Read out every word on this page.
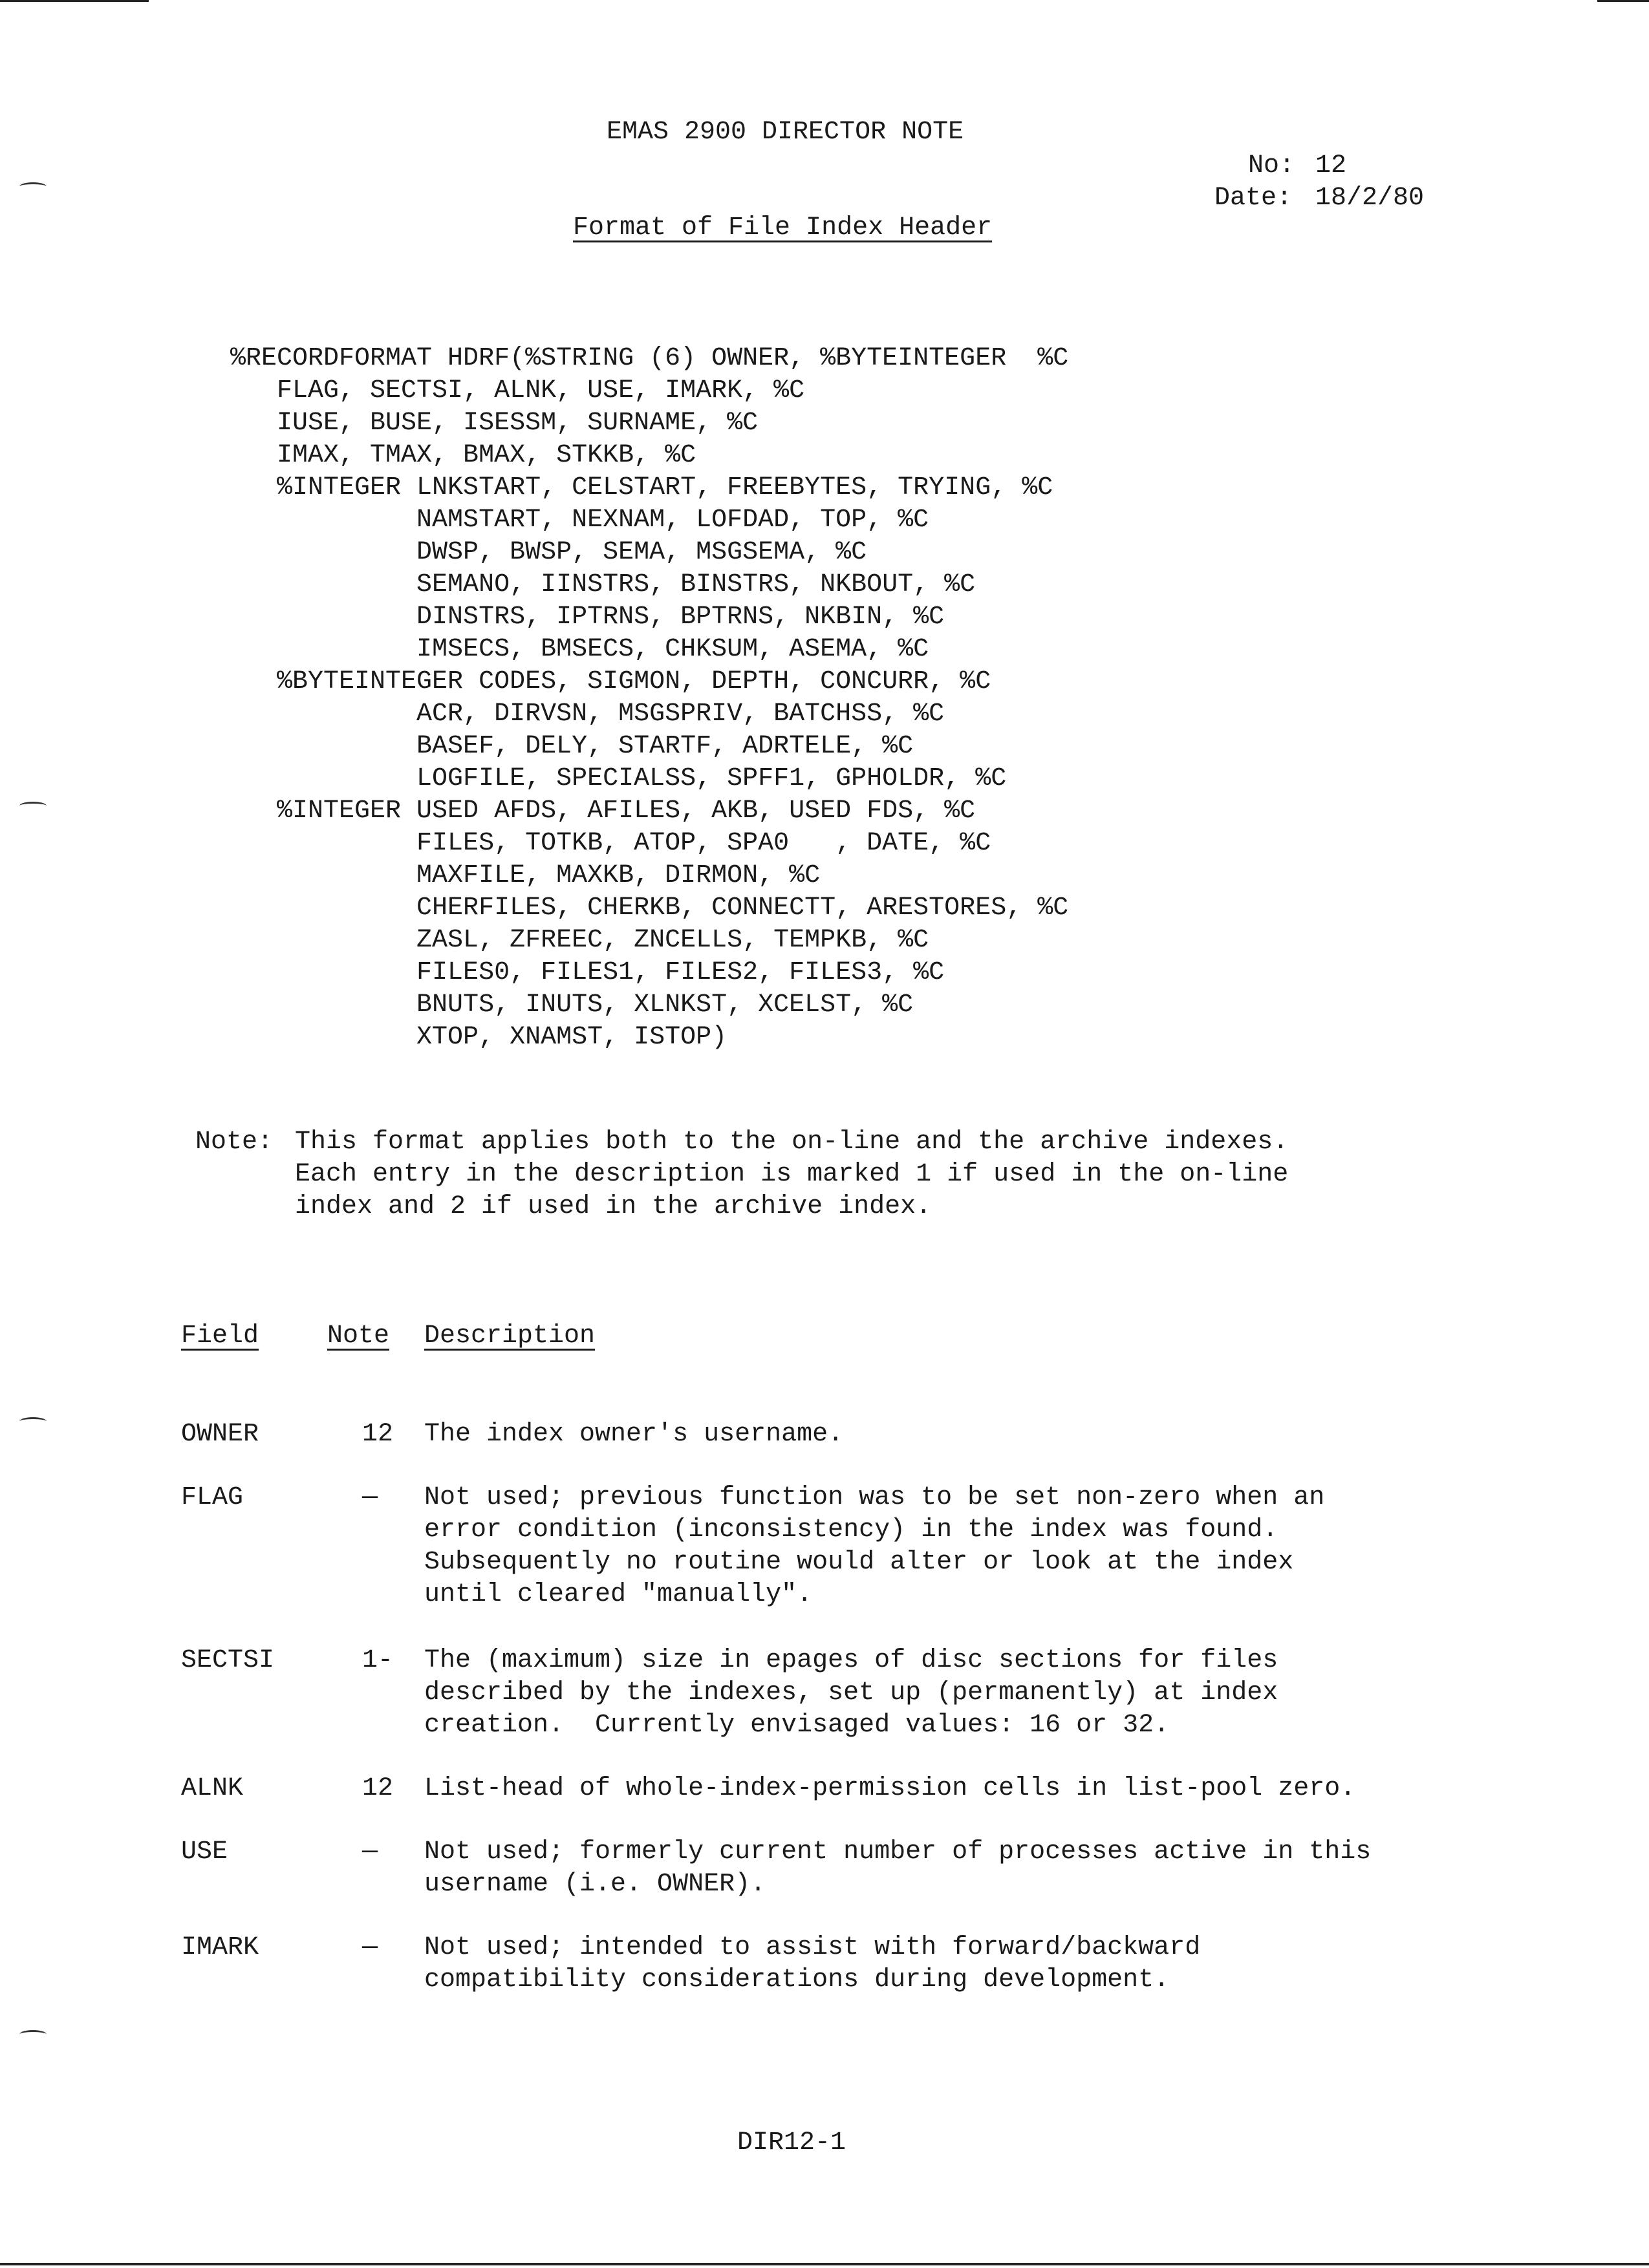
EMAS 2900 DIRECTOR NOTE
No: 12
Date: 18/2/80
Format of File Index Header
%RECORDFORMAT HDRF(%STRING (6) OWNER, %BYTEINTEGER  %C
FLAG, SECTSI, ALNK, USE, IMARK, %C
IUSE, BUSE, ISESSM, SURNAME, %C
IMAX, TMAX, BMAX, STKKB, %C
%INTEGER LNKSTART, CELSTART, FREEBYTES, TRYING, %C
NAMSTART, NEXNAM, LOFDAD, TOP, %C
DWSP, BWSP, SEMA, MSGSEMA, %C
SEMANO, IINSTRS, BINSTRS, NKBOUT, %C
DINSTRS, IPTRNS, BPTRNS, NKBIN, %C
IMSECS, BMSECS, CHKSUM, ASEMA, %C
%BYTEINTEGER CODES, SIGMON, DEPTH, CONCURR, %C
ACR, DIRVSN, MSGSPRIV, BATCHSS, %C
BASEF, DELY, STARTF, ADRTELE, %C
LOGFILE, SPECIALSS, SPFF1, GPHOLDR, %C
%INTEGER USED AFDS, AFILES, AKB, USED FDS, %C
FILES, TOTKB, ATOP, SPA0   , DATE, %C
MAXFILE, MAXKB, DIRMON, %C
CHERFILES, CHERKB, CONNECTT, ARESTORES, %C
ZASL, ZFREEC, ZNCELLS, TEMPKB, %C
FILES0, FILES1, FILES2, FILES3, %C
BNUTS, INUTS, XLNKST, XCELST, %C
XTOP, XNAMST, ISTOP)
Note: This format applies both to the on-line and the archive indexes.
Each entry in the description is marked 1 if used in the on-line
index and 2 if used in the archive index.
Field	Note Description
OWNER	12 The index owner's username.
FLAG	— Not used; previous function was to be set non-zero when an
error condition (inconsistency) in the index was found.
Subsequently no routine would alter or look at the index
until cleared "manually".
SECTSI	1- The (maximum) size in epages of disc sections for files
described by the indexes, set up (permanently) at index
creation.  Currently envisaged values: 16 or 32.
ALNK	12 List-head of whole-index-permission cells in list-pool zero.
USE	— Not used; formerly current number of processes active in this
username (i.e. OWNER).
IMARK	— Not used; intended to assist with forward/backward
compatibility considerations during development.
DIR12-1
